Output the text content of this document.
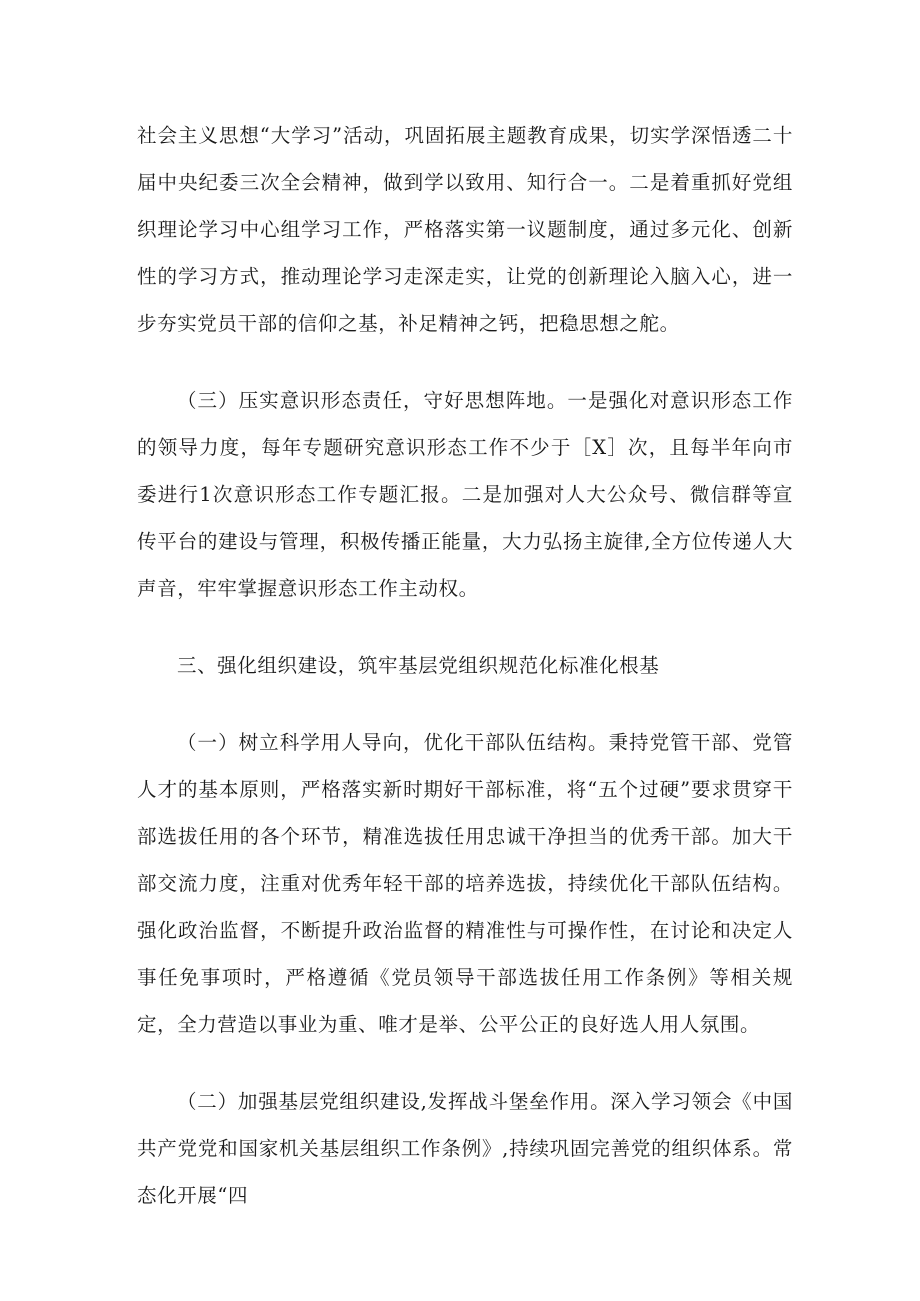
社会主义思想“大学习”活动，巩固拓展主题教育成果，切实学深悟透二十届中央纪委三次全会精神，做到学以致用、知行合一。二是着重抓好党组织理论学习中心组学习工作，严格落实第一议题制度，通过多元化、创新性的学习方式，推动理论学习走深走实，让党的创新理论入脑入心，进一步夯实党员干部的信仰之基，补足精神之钙，把稳思想之舵。

（三）压实意识形态责任，守好思想阵地。一是强化对意识形态工作的领导力度，每年专题研究意识形态工作不少于［X］次，且每半年向市委进行1次意识形态工作专题汇报。二是加强对人大公众号、微信群等宣传平台的建设与管理，积极传播正能量，大力弘扬主旋律,全方位传递人大声音，牢牢掌握意识形态工作主动权。

三、强化组织建设，筑牢基层党组织规范化标准化根基

（一）树立科学用人导向，优化干部队伍结构。秉持党管干部、党管人才的基本原则，严格落实新时期好干部标准，将“五个过硬”要求贯穿干部选拔任用的各个环节，精准选拔任用忠诚干净担当的优秀干部。加大干部交流力度，注重对优秀年轻干部的培养选拔，持续优化干部队伍结构。强化政治监督，不断提升政治监督的精准性与可操作性，在讨论和决定人事任免事项时，严格遵循《党员领导干部选拔任用工作条例》等相关规定，全力营造以事业为重、唯才是举、公平公正的良好选人用人氛围。

（二）加强基层党组织建设,发挥战斗堡垒作用。深入学习领会《中国共产党党和国家机关基层组织工作条例》,持续巩固完善党的组织体系。常态化开展“四
